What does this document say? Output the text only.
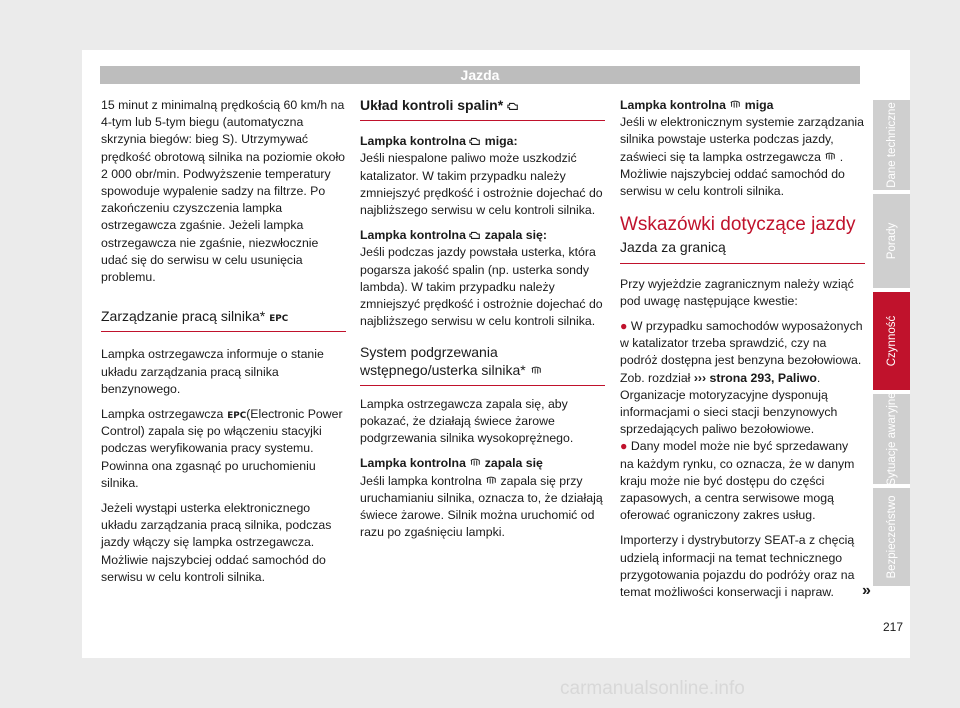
Jazda

15 minut z minimalną prędkością 60 km/h na 4-tym lub 5-tym biegu (automatyczna skrzynia biegów: bieg S). Utrzymywać prędkość obrotową silnika na poziomie około 2 000 obr/min. Podwyższenie temperatury spowoduje wypalenie sadzy na filtrze. Po zakończeniu czyszczenia lampka ostrzegawcza zgaśnie. Jeżeli lampka ostrzegawcza nie zgaśnie, niezwłocznie udać się do serwisu w celu usunięcia problemu.

Zarządzanie pracą silnika* EPC

Lampka ostrzegawcza informuje o stanie układu zarządzania pracą silnika benzynowego.

Lampka ostrzegawcza EPC (Electronic Power Control) zapala się po włączeniu stacyjki podczas weryfikowania pracy systemu. Powinna ona zgasnąć po uruchomieniu silnika.

Jeżeli wystąpi usterka elektronicznego układu zarządzania pracą silnika, podczas jazdy włączy się lampka ostrzegawcza. Możliwie najszybciej oddać samochód do serwisu w celu kontroli silnika.

Układ kontroli spalin*

Lampka kontrolna miga:

Jeśli niespalone paliwo może uszkodzić katalizator. W takim przypadku należy zmniejszyć prędkość i ostrożnie dojechać do najbliższego serwisu w celu kontroli silnika.

Lampka kontrolna zapala się:

Jeśli podczas jazdy powstała usterka, która pogarsza jakość spalin (np. usterka sondy lambda). W takim przypadku należy zmniejszyć prędkość i ostrożnie dojechać do najbliższego serwisu w celu kontroli silnika.

System podgrzewania wstępnego/usterka silnika*

Lampka ostrzegawcza zapala się, aby pokazać, że działają świece żarowe podgrzewania silnika wysokoprężnego.

Lampka kontrolna zapala się

Jeśli lampka kontrolna zapala się przy uruchamianiu silnika, oznacza to, że działają świece żarowe. Silnik można uruchomić od razu po zgaśnięciu lampki.

Lampka kontrolna miga

Jeśli w elektronicznym systemie zarządzania silnika powstaje usterka podczas jazdy, zaświeci się ta lampka ostrzegawcza . Możliwie najszybciej oddać samochód do serwisu w celu kontroli silnika.

Wskazówki dotyczące jazdy
Jazda za granicą

Przy wyjeżdzie zagranicznym należy wziąć pod uwagę następujące kwestie:

● W przypadku samochodów wyposażonych w katalizator trzeba sprawdzić, czy na podróż dostępna jest benzyna bezołowiowa. Zob. rozdział ››› strona 293, Paliwo. Organizacje motoryzacyjne dysponują informacjami o sieci stacji benzynowych sprzedających paliwo bezołowiowe.

● Dany model może nie być sprzedawany na każdym rynku, co oznacza, że w danym kraju może nie być dostępu do części zapasowych, a centra serwisowe mogą oferować ograniczony zakres usług.

Importerzy i dystrybutorzy SEAT-a z chęcią udzielą informacji na temat technicznego przygotowania pojazdu do podróży oraz na temat możliwości konserwacji i napraw.	»
Dane techniczne
Porady
Czynność
Sytuacje awaryjne
Bezpieczeństwo
217
carmanualsonline.info
